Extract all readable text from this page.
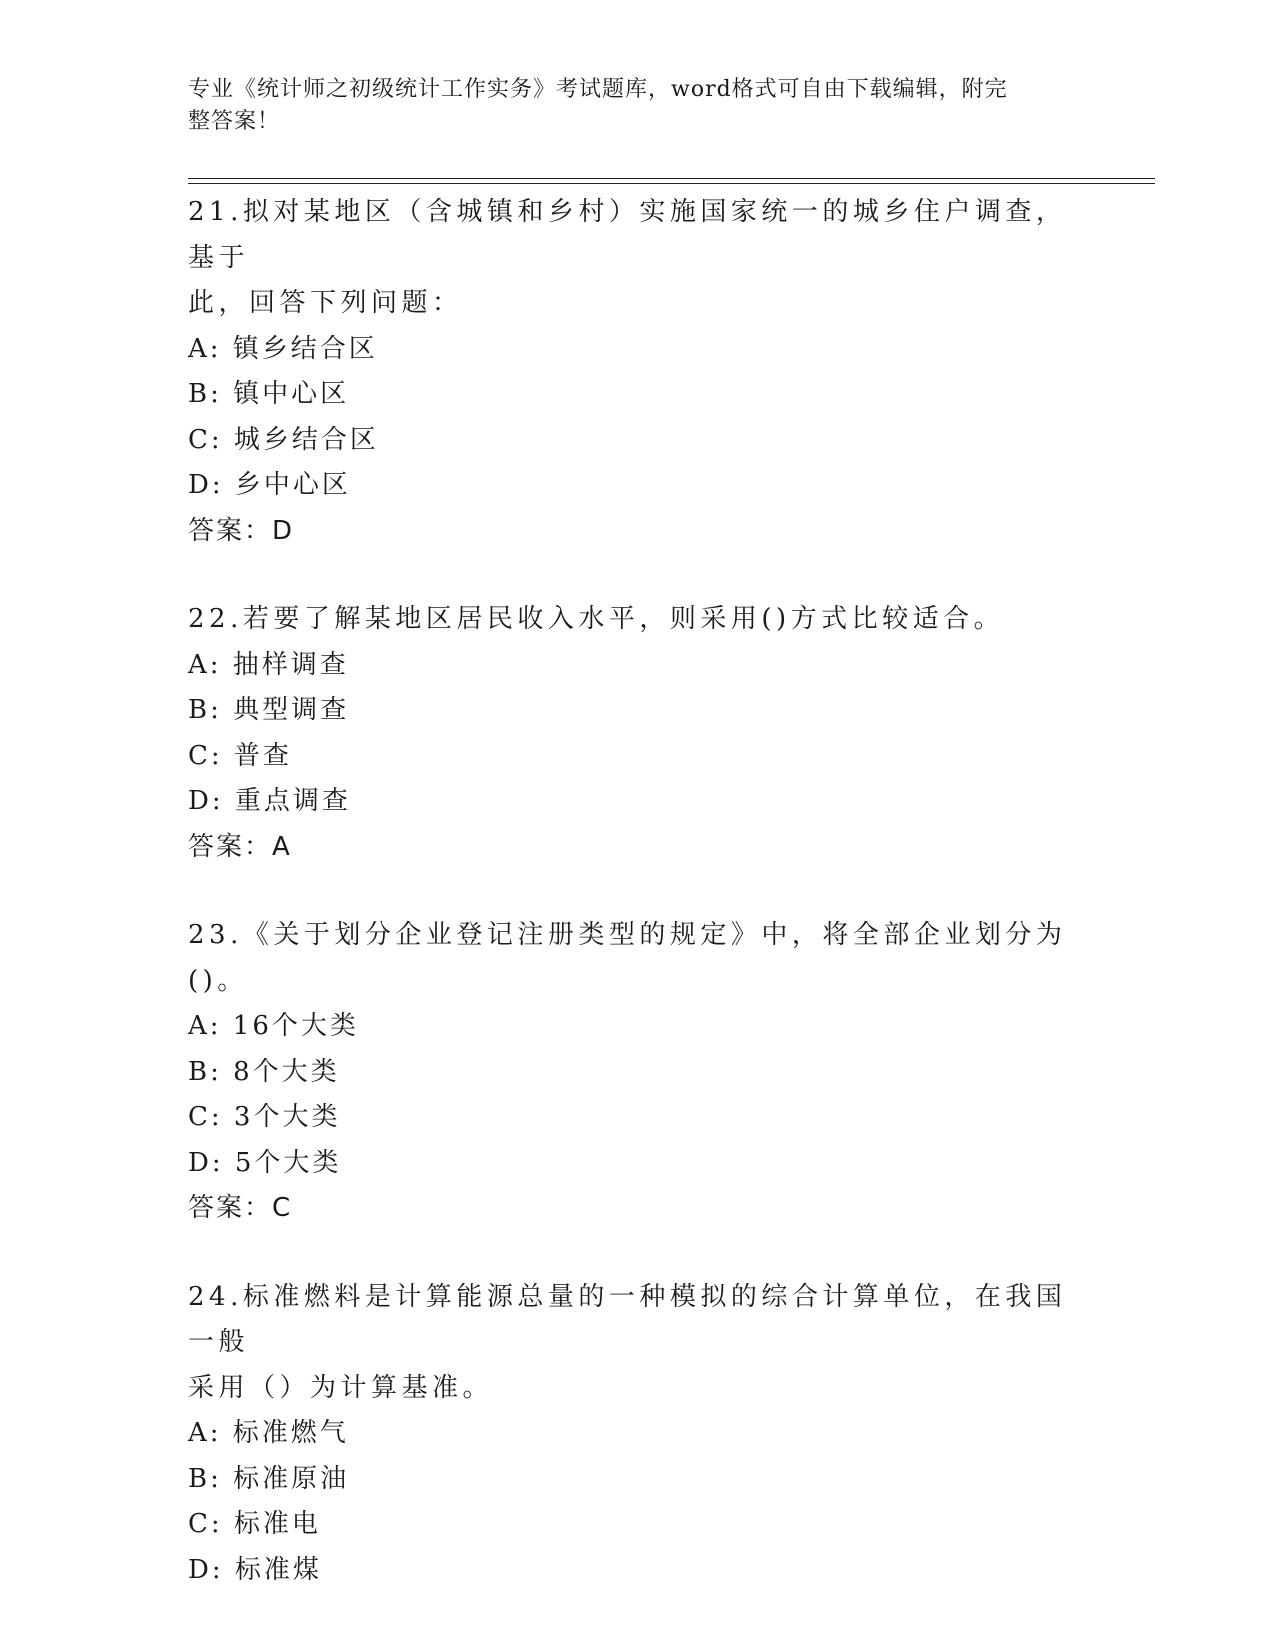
专业《统计师之初级统计工作实务》考试题库，word格式可自由下载编辑，附完
整答案！
21.拟对某地区（含城镇和乡村）实施国家统一的城乡住户调查，基于
此，回答下列问题：
A: 镇乡结合区
B: 镇中心区
C: 城乡结合区
D: 乡中心区
答案：D
22.若要了解某地区居民收入水平，则采用()方式比较适合。
A: 抽样调查
B: 典型调查
C: 普查
D: 重点调查
答案：A
23.《关于划分企业登记注册类型的规定》中，将全部企业划分为()。
A: 16个大类
B: 8个大类
C: 3个大类
D: 5个大类
答案：C
24.标准燃料是计算能源总量的一种模拟的综合计算单位，在我国一般
采用（）为计算基准。
A: 标准燃气
B: 标准原油
C: 标准电
D: 标准煤
